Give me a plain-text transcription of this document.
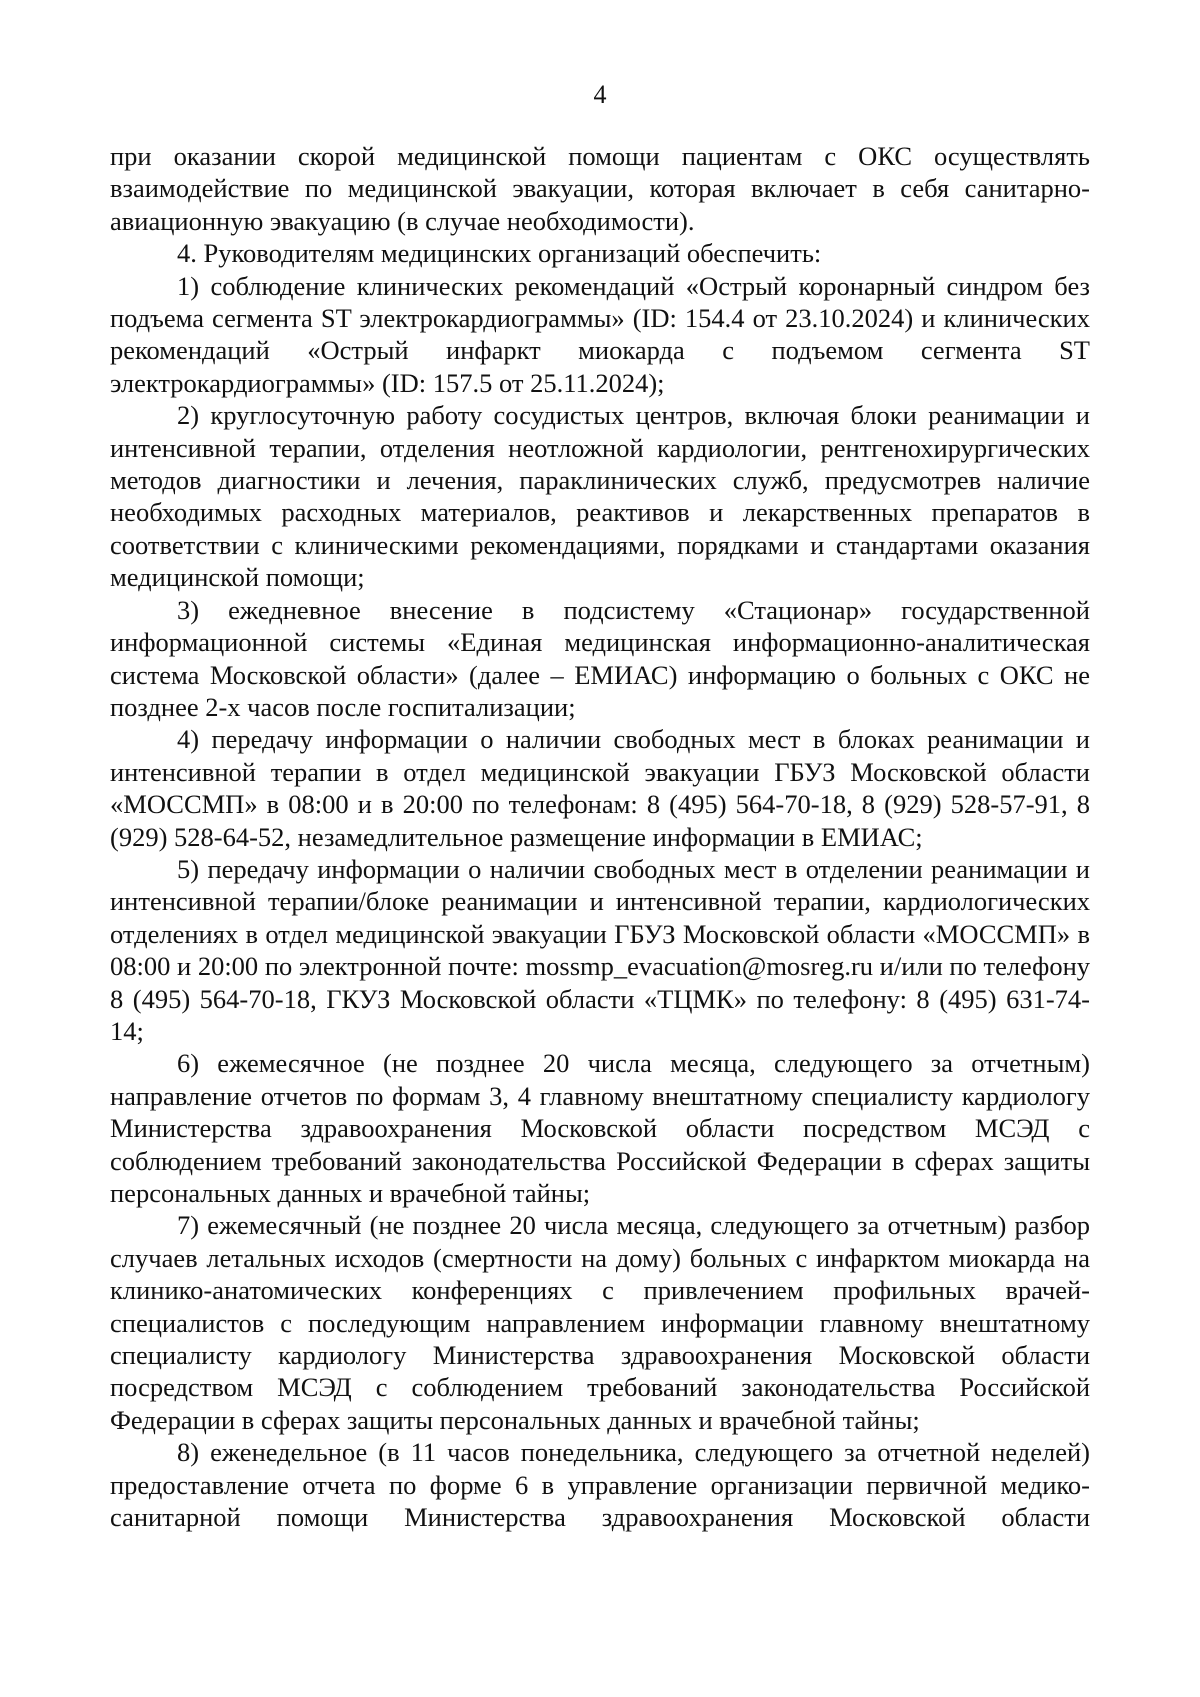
4

при оказании скорой медицинской помощи пациентам с ОКС осуществлять взаимодействие по медицинской эвакуации, которая включает в себя санитарно-авиационную эвакуацию (в случае необходимости).

4. Руководителям медицинских организаций обеспечить:

1) соблюдение клинических рекомендаций «Острый коронарный синдром без подъема сегмента ST электрокардиограммы» (ID: 154.4 от 23.10.2024) и клинических рекомендаций «Острый инфаркт миокарда с подъемом сегмента ST электрокардиограммы» (ID: 157.5 от 25.11.2024);

2) круглосуточную работу сосудистых центров, включая блоки реанимации и интенсивной терапии, отделения неотложной кардиологии, рентгенохирургических методов диагностики и лечения, параклинических служб, предусмотрев наличие необходимых расходных материалов, реактивов и лекарственных препаратов в соответствии с клиническими рекомендациями, порядками и стандартами оказания медицинской помощи;

3) ежедневное внесение в подсистему «Стационар» государственной информационной системы «Единая медицинская информационно-аналитическая система Московской области» (далее – ЕМИАС) информацию о больных с ОКС не позднее 2-х часов после госпитализации;

4) передачу информации о наличии свободных мест в блоках реанимации и интенсивной терапии в отдел медицинской эвакуации ГБУЗ Московской области «МОССМП» в 08:00 и в 20:00 по телефонам: 8 (495) 564-70-18, 8 (929) 528-57-91, 8 (929) 528-64-52, незамедлительное размещение информации в ЕМИАС;

5) передачу информации о наличии свободных мест в отделении реанимации и интенсивной терапии/блоке реанимации и интенсивной терапии, кардиологических отделениях в отдел медицинской эвакуации ГБУЗ Московской области «МОССМП» в 08:00 и 20:00 по электронной почте: mossmp_evacuation@mosreg.ru и/или по телефону 8 (495) 564-70-18, ГКУЗ Московской области «ТЦМК» по телефону: 8 (495) 631-74-14;

6) ежемесячное (не позднее 20 числа месяца, следующего за отчетным) направление отчетов по формам 3, 4 главному внештатному специалисту кардиологу Министерства здравоохранения Московской области посредством МСЭД с соблюдением требований законодательства Российской Федерации в сферах защиты персональных данных и врачебной тайны;

7) ежемесячный (не позднее 20 числа месяца, следующего за отчетным) разбор случаев летальных исходов (смертности на дому) больных с инфарктом миокарда на клинико-анатомических конференциях с привлечением профильных врачей-специалистов с последующим направлением информации главному внештатному специалисту кардиологу Министерства здравоохранения Московской области посредством МСЭД с соблюдением требований законодательства Российской Федерации в сферах защиты персональных данных и врачебной тайны;

8) еженедельное (в 11 часов понедельника, следующего за отчетной неделей) предоставление отчета по форме 6 в управление организации первичной медико-санитарной помощи Министерства здравоохранения Московской области
